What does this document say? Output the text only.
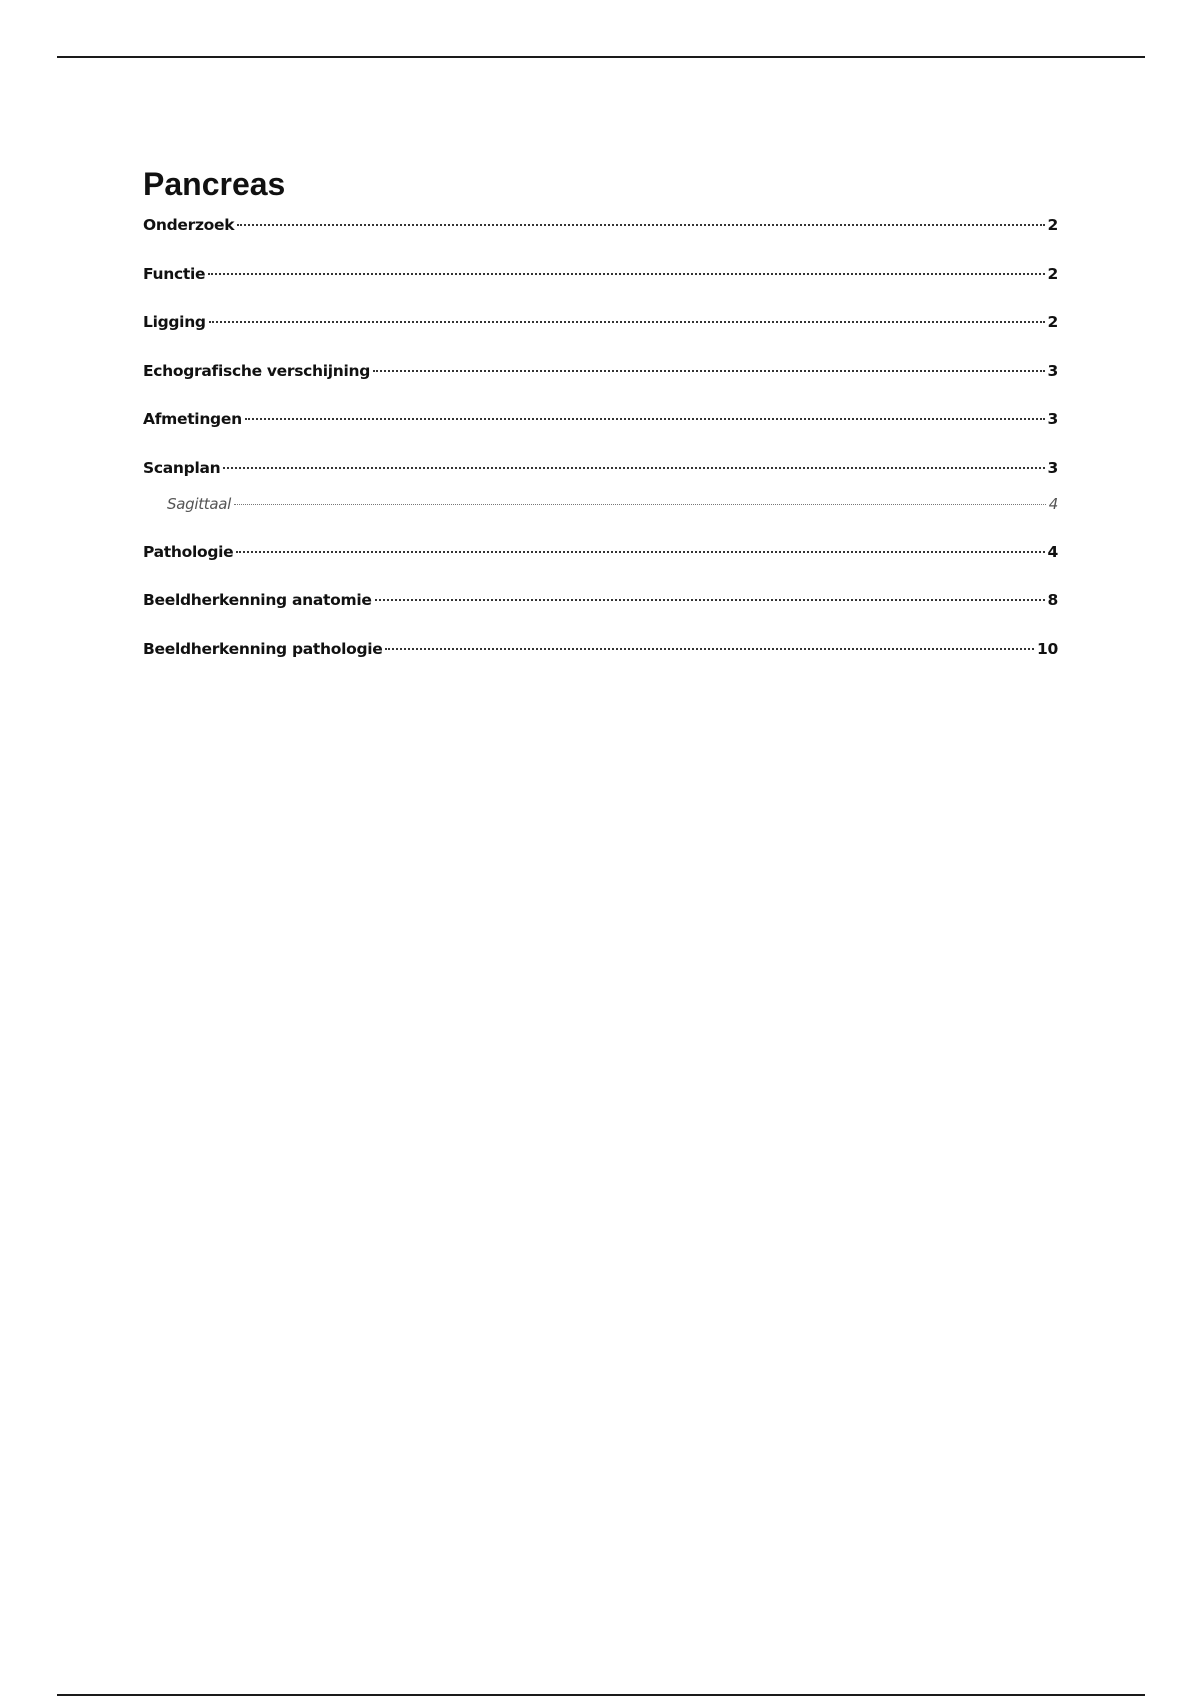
Pancreas
Onderzoek	2
Functie	2
Ligging	2
Echografische verschijning	3
Afmetingen	3
Scanplan	3
Sagittaal	4
Pathologie	4
Beeldherkenning anatomie	8
Beeldherkenning pathologie	10
